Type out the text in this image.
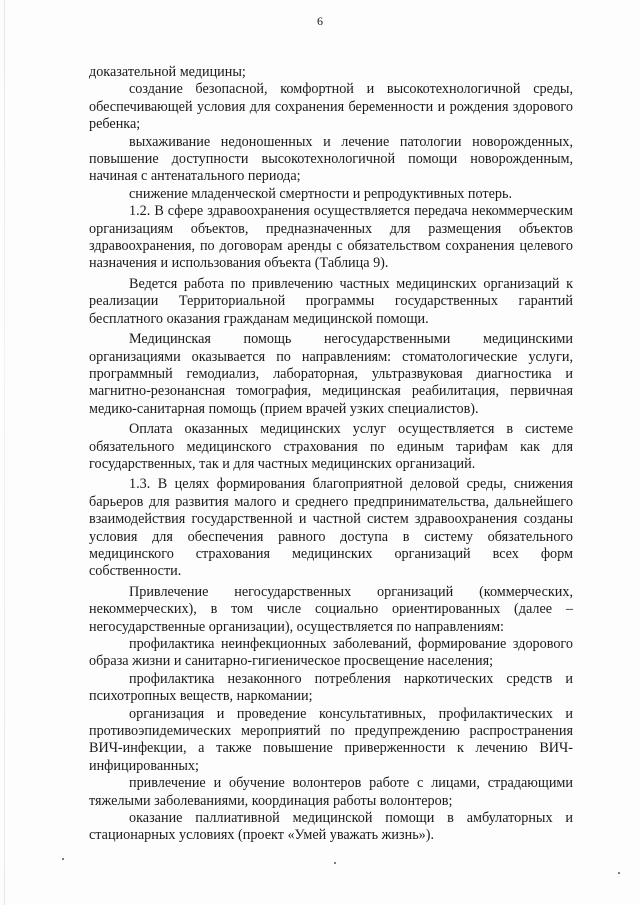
6

доказательной медицины;

создание безопасной, комфортной и высокотехнологичной среды, обеспечивающей условия для сохранения беременности и рождения здорового ребенка;

выхаживание недоношенных и лечение патологии новорожденных, повышение доступности высокотехнологичной помощи новорожденным, начиная с антенатального периода;

снижение младенческой смертности и репродуктивных потерь.

1.2. В сфере здравоохранения осуществляется передача некоммерческим организациям объектов, предназначенных для размещения объектов здравоохранения, по договорам аренды с обязательством сохранения целевого назначения и использования объекта (Таблица 9).

Ведется работа по привлечению частных медицинских организаций к реализации Территориальной программы государственных гарантий бесплатного оказания гражданам медицинской помощи.

Медицинская помощь негосударственными медицинскими организациями оказывается по направлениям: стоматологические услуги, программный гемодиализ, лабораторная, ультразвуковая диагностика и магнитно-резонансная томография, медицинская реабилитация, первичная медико-санитарная помощь (прием врачей узких специалистов).

Оплата оказанных медицинских услуг осуществляется в системе обязательного медицинского страхования по единым тарифам как для государственных, так и для частных медицинских организаций.

1.3. В целях формирования благоприятной деловой среды, снижения барьеров для развития малого и среднего предпринимательства, дальнейшего взаимодействия государственной и частной систем здравоохранения созданы условия для обеспечения равного доступа в систему обязательного медицинского страхования медицинских организаций всех форм собственности.

Привлечение негосударственных организаций (коммерческих, некоммерческих), в том числе социально ориентированных (далее – негосударственные организации), осуществляется по направлениям:

профилактика неинфекционных заболеваний, формирование здорового образа жизни и санитарно-гигиеническое просвещение населения;

профилактика незаконного потребления наркотических средств и психотропных веществ, наркомании;

организация и проведение консультативных, профилактических и противоэпидемических мероприятий по предупреждению распространения ВИЧ-инфекции, а также повышение приверженности к лечению ВИЧ-инфицированных;

привлечение и обучение волонтеров работе с лицами, страдающими тяжелыми заболеваниями, координация работы волонтеров;

оказание паллиативной медицинской помощи в амбулаторных и стационарных условиях (проект «Умей уважать жизнь»).
